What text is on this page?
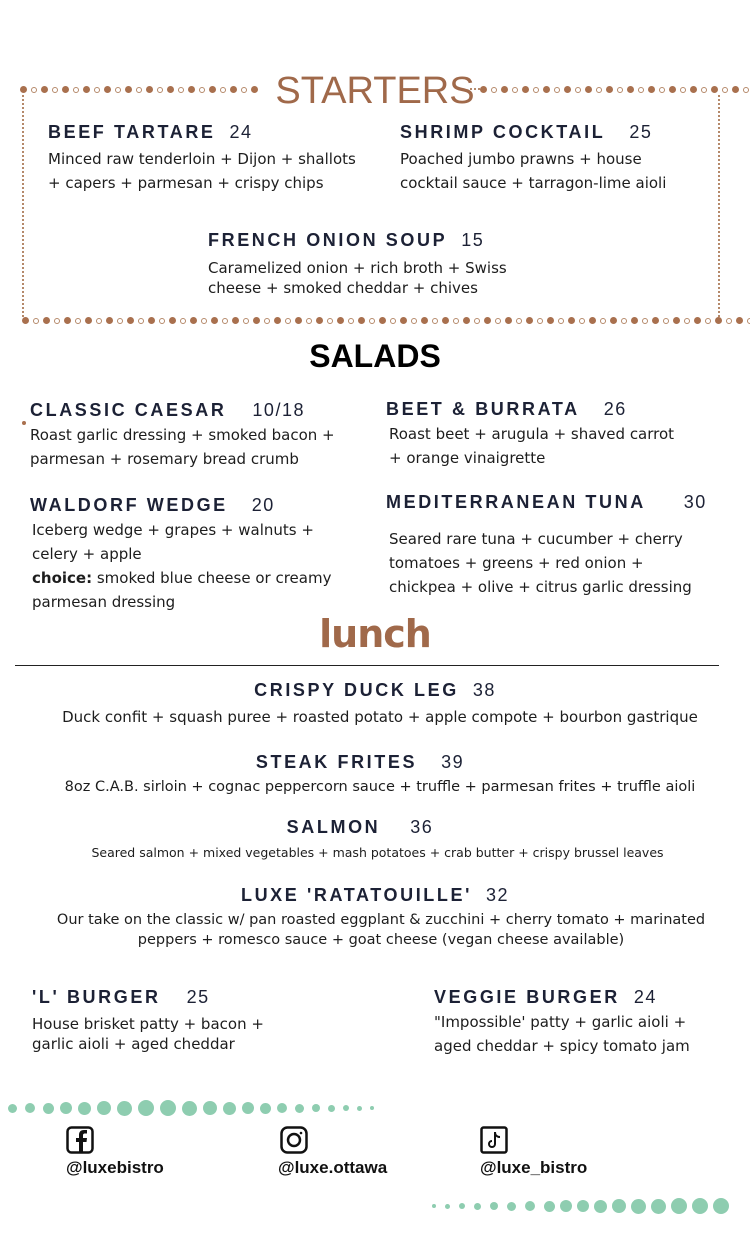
STARTERS
BEEF TARTARE 24
Minced raw tenderloin + Dijon + shallots
+ capers + parmesan + crispy chips
SHRIMP COCKTAIL 25
Poached jumbo prawns + house
cocktail sauce + tarragon-lime aioli
FRENCH ONION SOUP 15
Caramelized onion + rich broth + Swiss
cheese + smoked cheddar + chives
SALADS
CLASSIC CAESAR 10/18
Roast garlic dressing + smoked bacon +
parmesan + rosemary bread crumb
BEET & BURRATA 26
Roast beet + arugula + shaved carrot
+ orange vinaigrette
WALDORF WEDGE 20
Iceberg wedge + grapes + walnuts +
celery + apple
choice: smoked blue cheese or creamy
parmesan dressing
MEDITERRANEAN TUNA 30
Seared rare tuna + cucumber + cherry
tomatoes + greens + red onion +
chickpea + olive + citrus garlic dressing
lunch
CRISPY DUCK LEG 38
Duck confit + squash puree + roasted potato + apple compote + bourbon gastrique
STEAK FRITES 39
8oz C.A.B. sirloin + cognac peppercorn sauce + truffle + parmesan frites + truffle aioli
SALMON 36
Seared salmon + mixed vegetables + mash potatoes + crab butter + crispy brussel leaves
LUXE 'RATATOUILLE' 32
Our take on the classic w/ pan roasted eggplant & zucchini + cherry tomato + marinated
peppers + romesco sauce + goat cheese (vegan cheese available)
'L' BURGER 25
House brisket patty + bacon +
garlic aioli + aged cheddar
VEGGIE BURGER 24
"Impossible' patty + garlic aioli +
aged cheddar + spicy tomato jam
@luxebistro	@luxe.ottawa	@luxe_bistro
